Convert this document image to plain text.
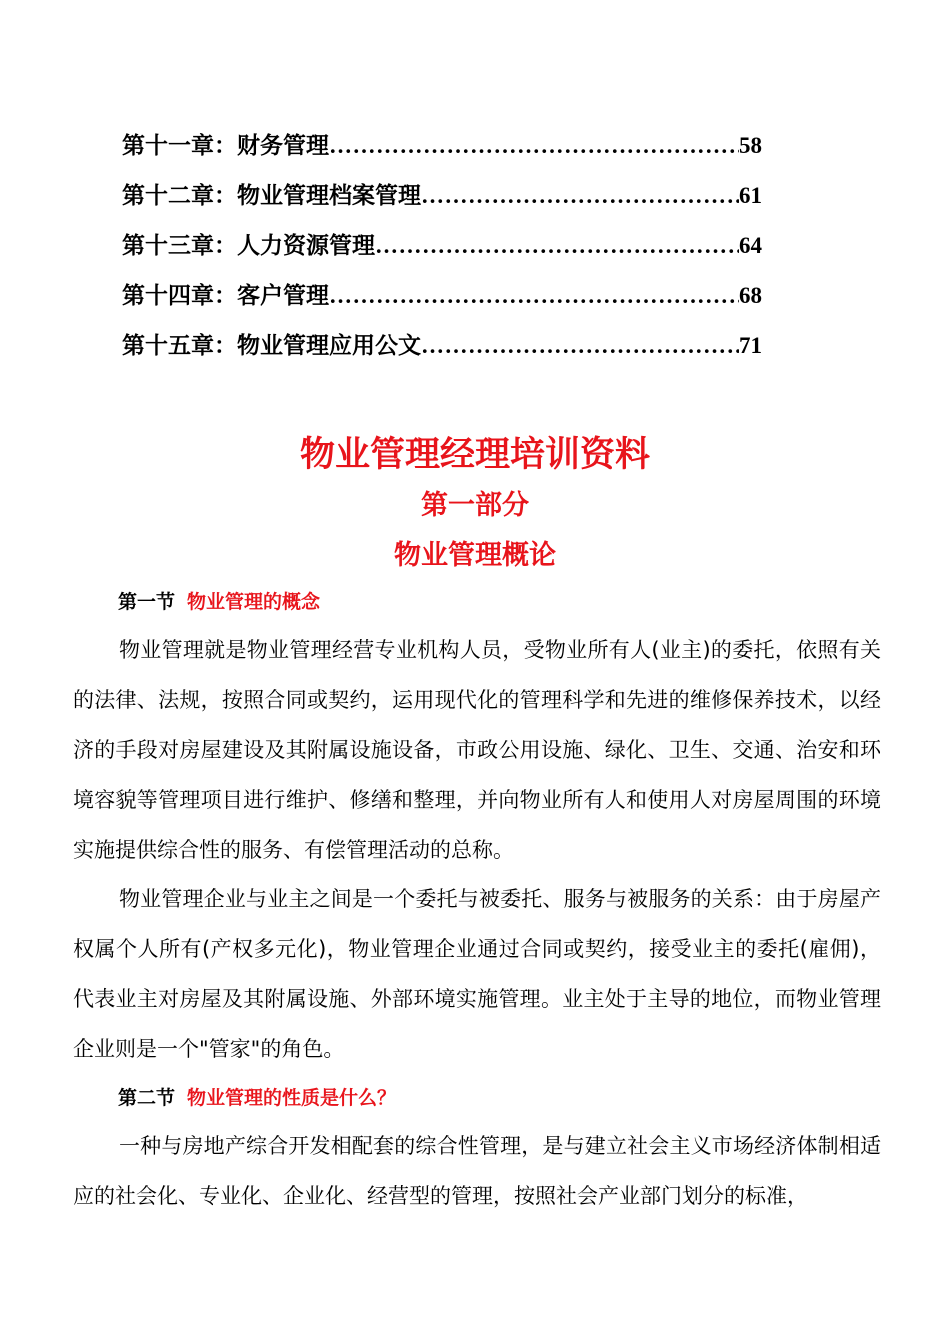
第十一章：财务管理 ……………………………………………………………………………………………………………………………………	58
第十二章：物业管理档案管理 ……………………………………………………………………………………………………………………………………	61
第十三章：人力资源管理 ……………………………………………………………………………………………………………………………………	64
第十四章：客户管理 ……………………………………………………………………………………………………………………………………	68
第十五章：物业管理应用公文 ……………………………………………………………………………………………………………………………………	71
物业管理经理培训资料
第一部分
物业管理概论
第一节 物业管理的概念
物业管理就是物业管理经营专业机构人员，受物业所有人(业主)的委托，依照有关的法律、法规，按照合同或契约，运用现代化的管理科学和先进的维修保养技术，以经济的手段对房屋建设及其附属设施设备，市政公用设施、绿化、卫生、交通、治安和环境容貌等管理项目进行维护、修缮和整理，并向物业所有人和使用人对房屋周围的环境实施提供综合性的服务、有偿管理活动的总称。
物业管理企业与业主之间是一个委托与被委托、服务与被服务的关系：由于房屋产权属个人所有(产权多元化)，物业管理企业通过合同或契约，接受业主的委托(雇佣)，代表业主对房屋及其附属设施、外部环境实施管理。业主处于主导的地位，而物业管理企业则是一个"管家"的角色。
第二节 物业管理的性质是什么？
一种与房地产综合开发相配套的综合性管理，是与建立社会主义市场经济体制相适应的社会化、专业化、企业化、经营型的管理，按照社会产业部门划分的标准，
